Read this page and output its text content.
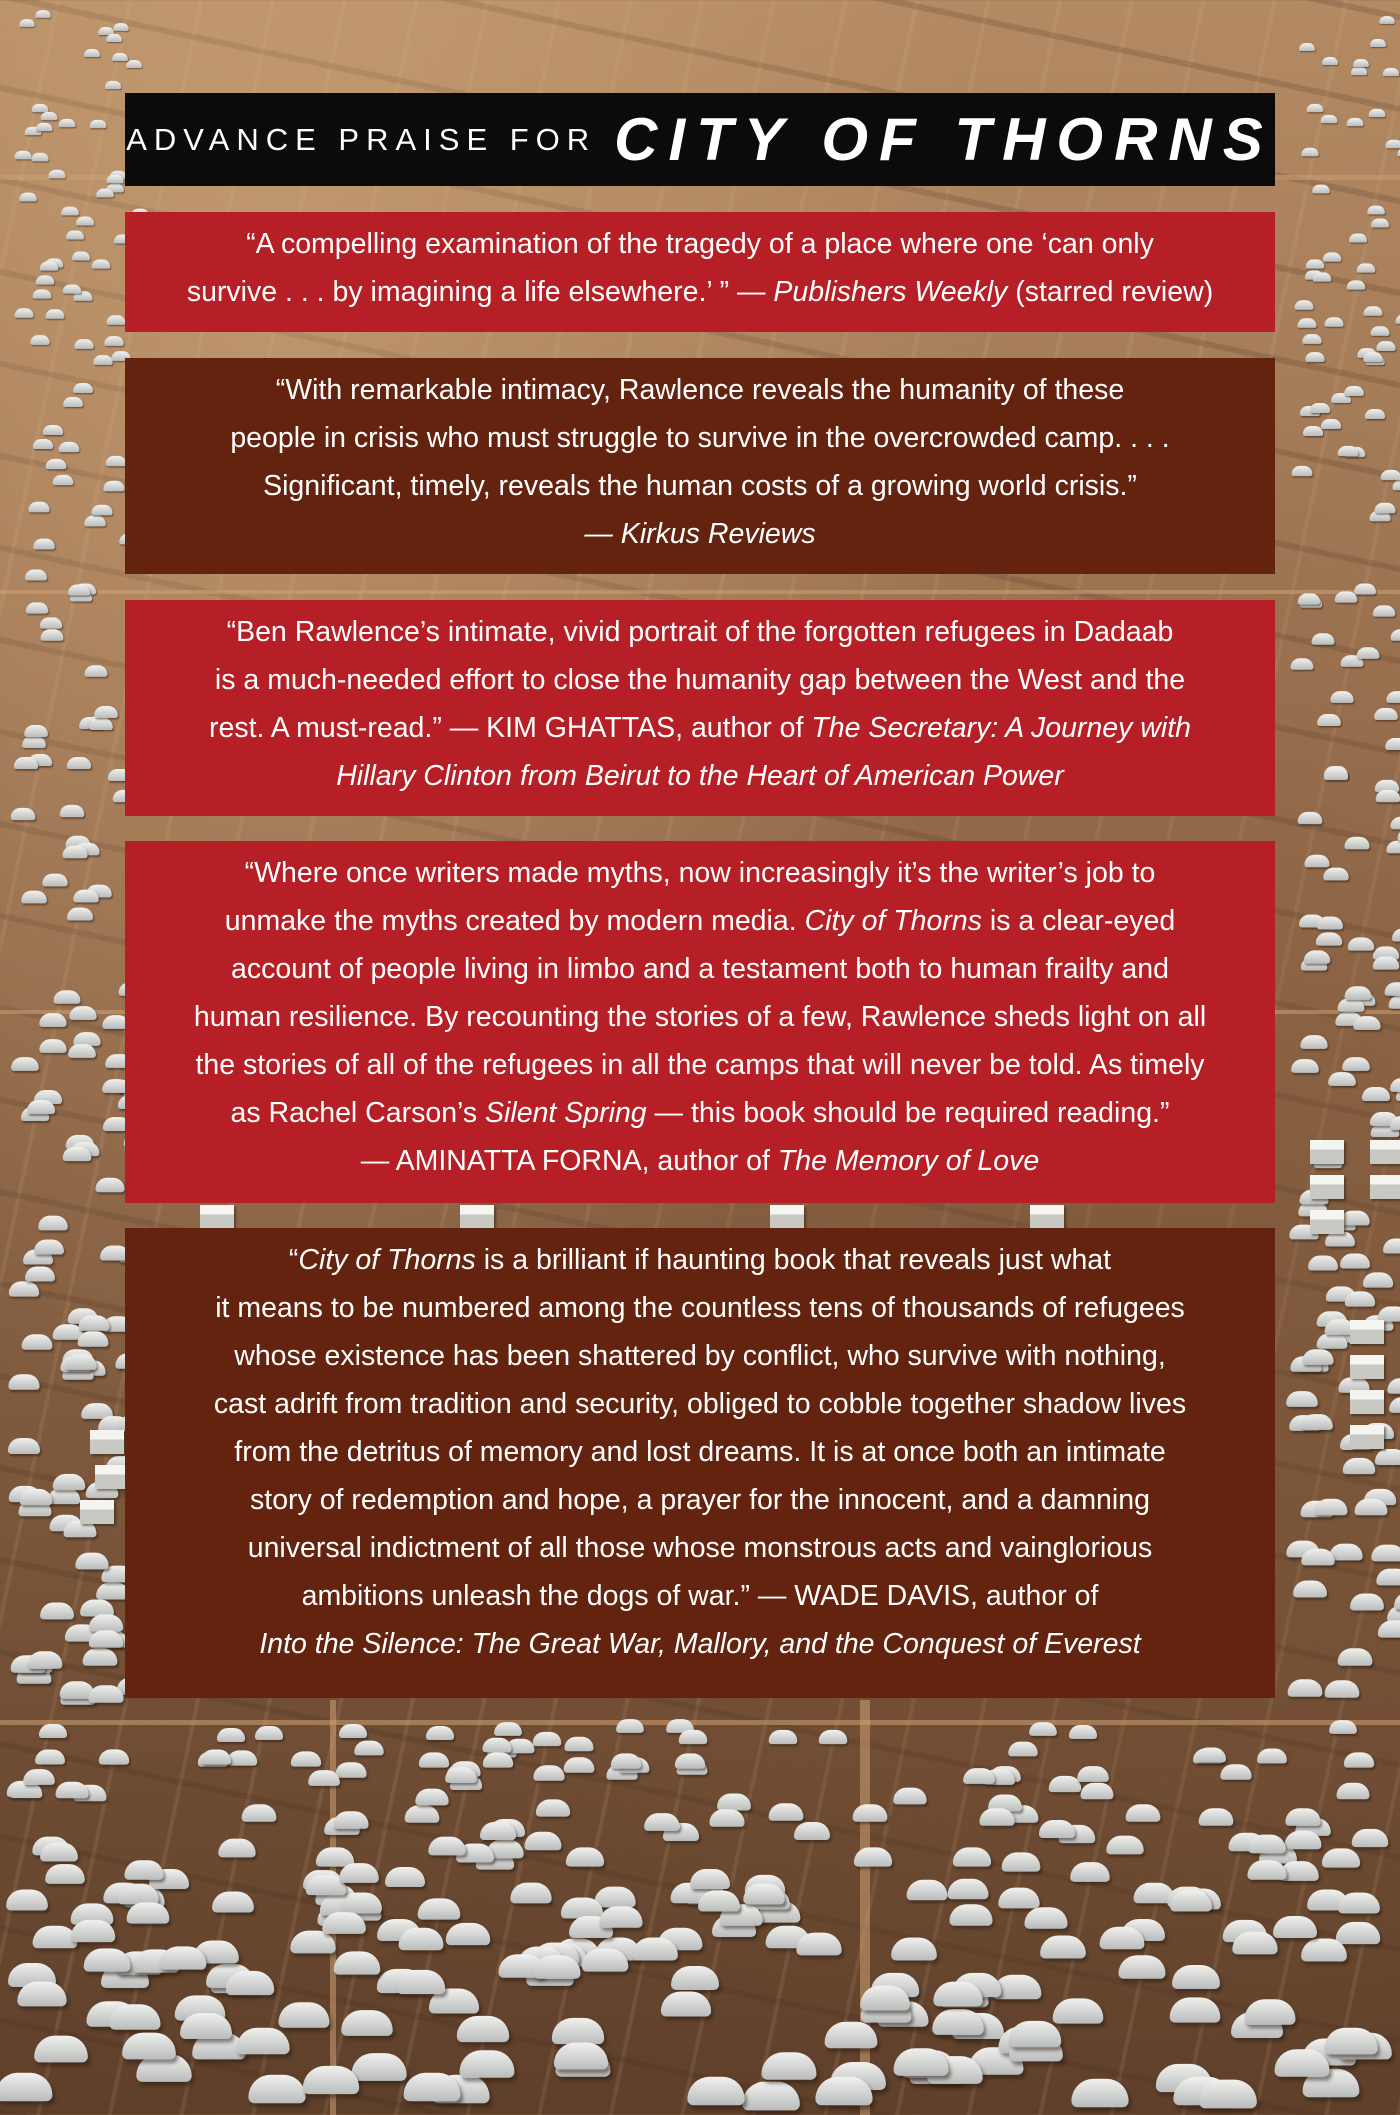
ADVANCE PRAISE FOR CITY OF THORNS
“A compelling examination of the tragedy of a place where one ‘can only
survive . . . by imagining a life elsewhere.’ ” — Publishers Weekly (starred review)
“With remarkable intimacy, Rawlence reveals the humanity of these
people in crisis who must struggle to survive in the overcrowded camp. . . .
Significant, timely, reveals the human costs of a growing world crisis.”
— Kirkus Reviews
“Ben Rawlence’s intimate, vivid portrait of the forgotten refugees in Dadaab
is a much-needed effort to close the humanity gap between the West and the
rest. A must-read.” — KIM GHATTAS, author of The Secretary: A Journey with
Hillary Clinton from Beirut to the Heart of American Power
“Where once writers made myths, now increasingly it’s the writer’s job to
unmake the myths created by modern media. City of Thorns is a clear-eyed
account of people living in limbo and a testament both to human frailty and
human resilience. By recounting the stories of a few, Rawlence sheds light on all
the stories of all of the refugees in all the camps that will never be told. As timely
as Rachel Carson’s Silent Spring — this book should be required reading.”
— AMINATTA FORNA, author of The Memory of Love
“City of Thorns is a brilliant if haunting book that reveals just what
it means to be numbered among the countless tens of thousands of refugees
whose existence has been shattered by conflict, who survive with nothing,
cast adrift from tradition and security, obliged to cobble together shadow lives
from the detritus of memory and lost dreams. It is at once both an intimate
story of redemption and hope, a prayer for the innocent, and a damning
universal indictment of all those whose monstrous acts and vainglorious
ambitions unleash the dogs of war.” — WADE DAVIS, author of
Into the Silence: The Great War, Mallory, and the Conquest of Everest
